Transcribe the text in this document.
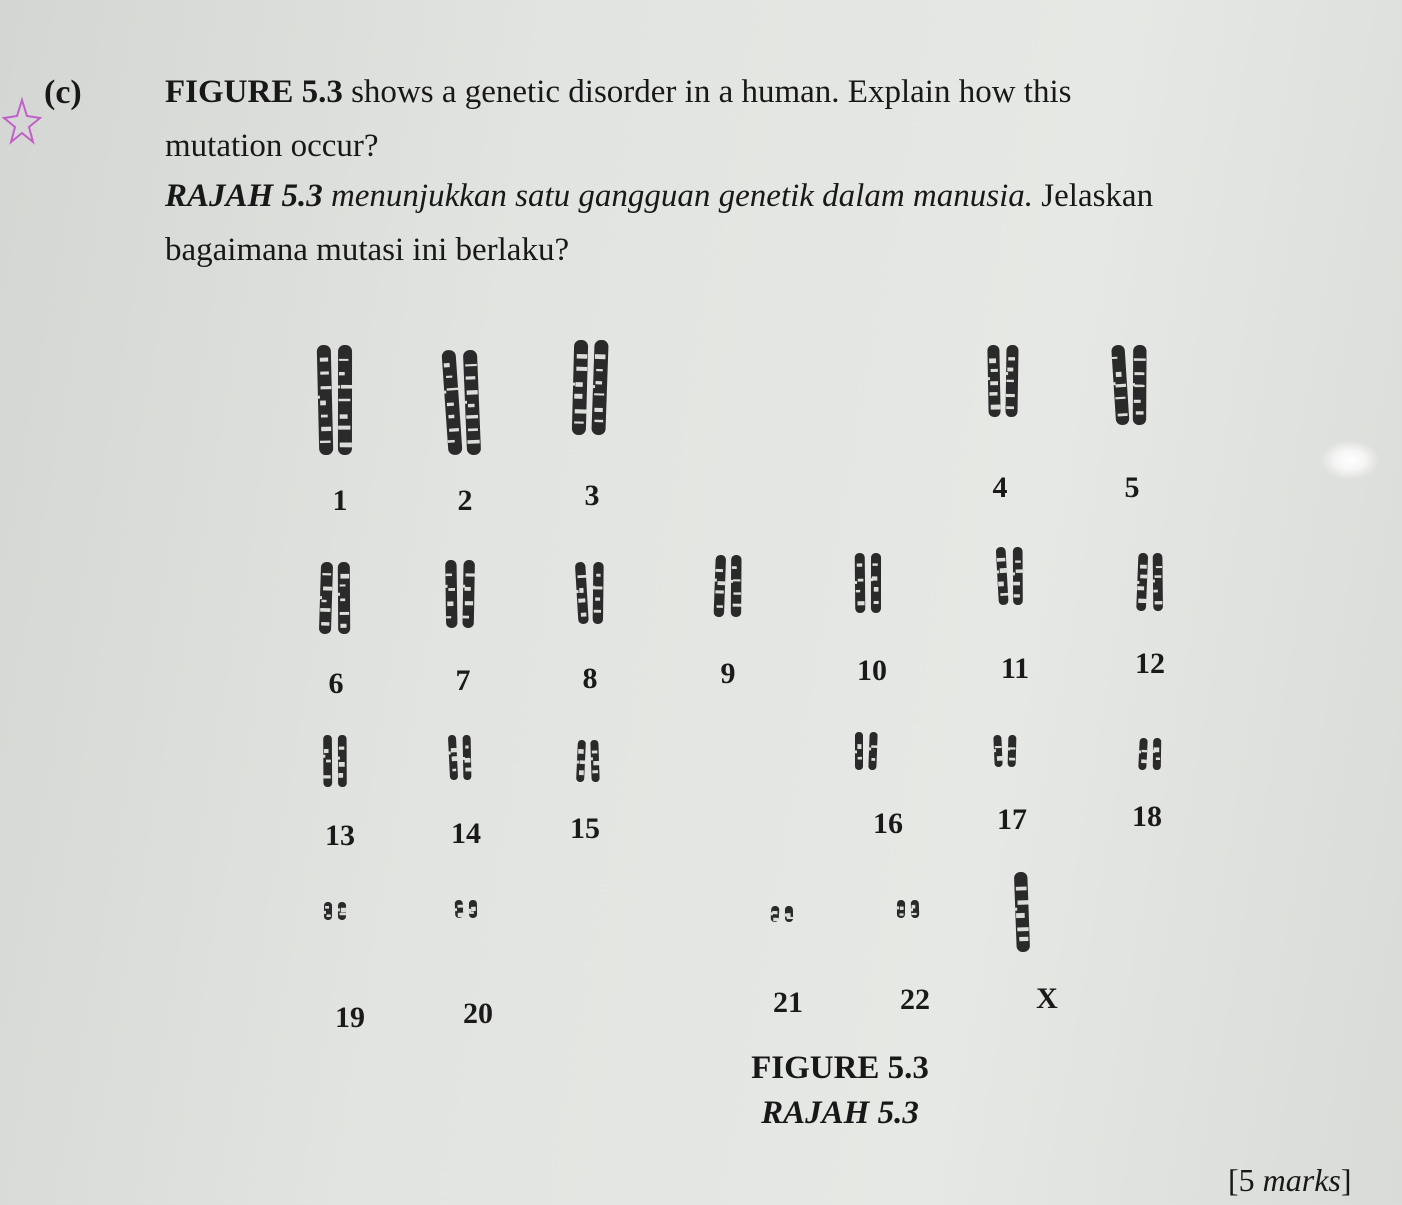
(c)	FIGURE 5.3 shows a genetic disorder in a human. Explain how this
mutation occur?
RAJAH 5.3 menunjukkan satu gangguan genetik dalam manusia. Jelaskan
bagaimana mutasi ini berlaku?
1	2	3	4	5
6	7	8	9	10	11	12
13	14	15	16	17	18
19	20	21	22	X
FIGURE 5.3
RAJAH 5.3
[5 marks]
